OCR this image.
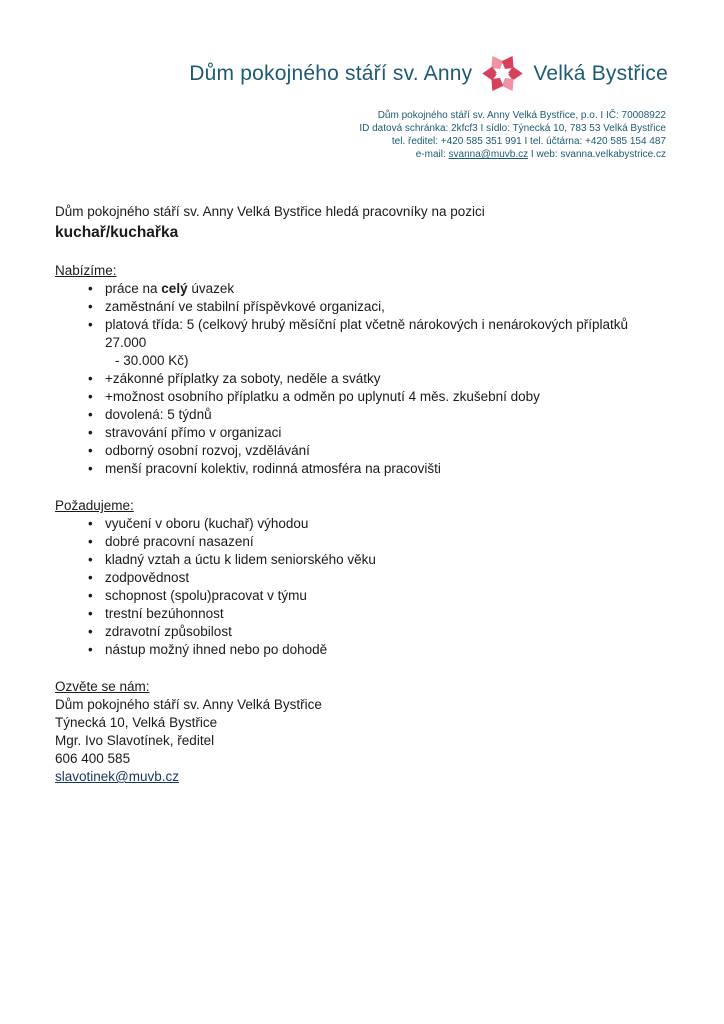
Dům pokojného stáří sv. Anny	Velká Bystřice
Dům pokojného stáří sv. Anny Velká Bystřice, p.o. I IČ: 70008922
ID datová schránka: 2kfcf3 I sídlo: Týnecká 10, 783 53 Velká Bystřice
tel. ředitel: +420 585 351 991 I tel. účtárna: +420 585 154 487
e-mail: svanna@muvb.cz I web: svanna.velkabystrice.cz

Dům pokojného stáří sv. Anny Velká Bystřice hledá pracovníky na pozici

kuchař/kuchařka
Nabízíme:
• práce na celý úvazek
• zaměstnání ve stabilní příspěvkové organizaci,
• platová třída: 5 (celkový hrubý měsíční plat včetně nárokových i nenárokových příplatků 27.000
- 30.000 Kč)
• +zákonné příplatky za soboty, neděle a svátky
• +možnost osobního příplatku a odměn po uplynutí 4 měs. zkušební doby
• dovolená: 5 týdnů
• stravování přímo v organizaci
• odborný osobní rozvoj, vzdělávání
• menší pracovní kolektiv, rodinná atmosféra na pracovišti
Požadujeme:
• vyučení v oboru (kuchař) výhodou
• dobré pracovní nasazení
• kladný vztah a úctu k lidem seniorského věku
• zodpovědnost
• schopnost (spolu)pracovat v týmu
• trestní bezúhonnost
• zdravotní způsobilost
• nástup možný ihned nebo po dohodě
Ozvěte se nám:

Dům pokojného stáří sv. Anny Velká Bystřice

Týnecká 10, Velká Bystřice

Mgr. Ivo Slavotínek, ředitel

606 400 585

slavotinek@muvb.cz
